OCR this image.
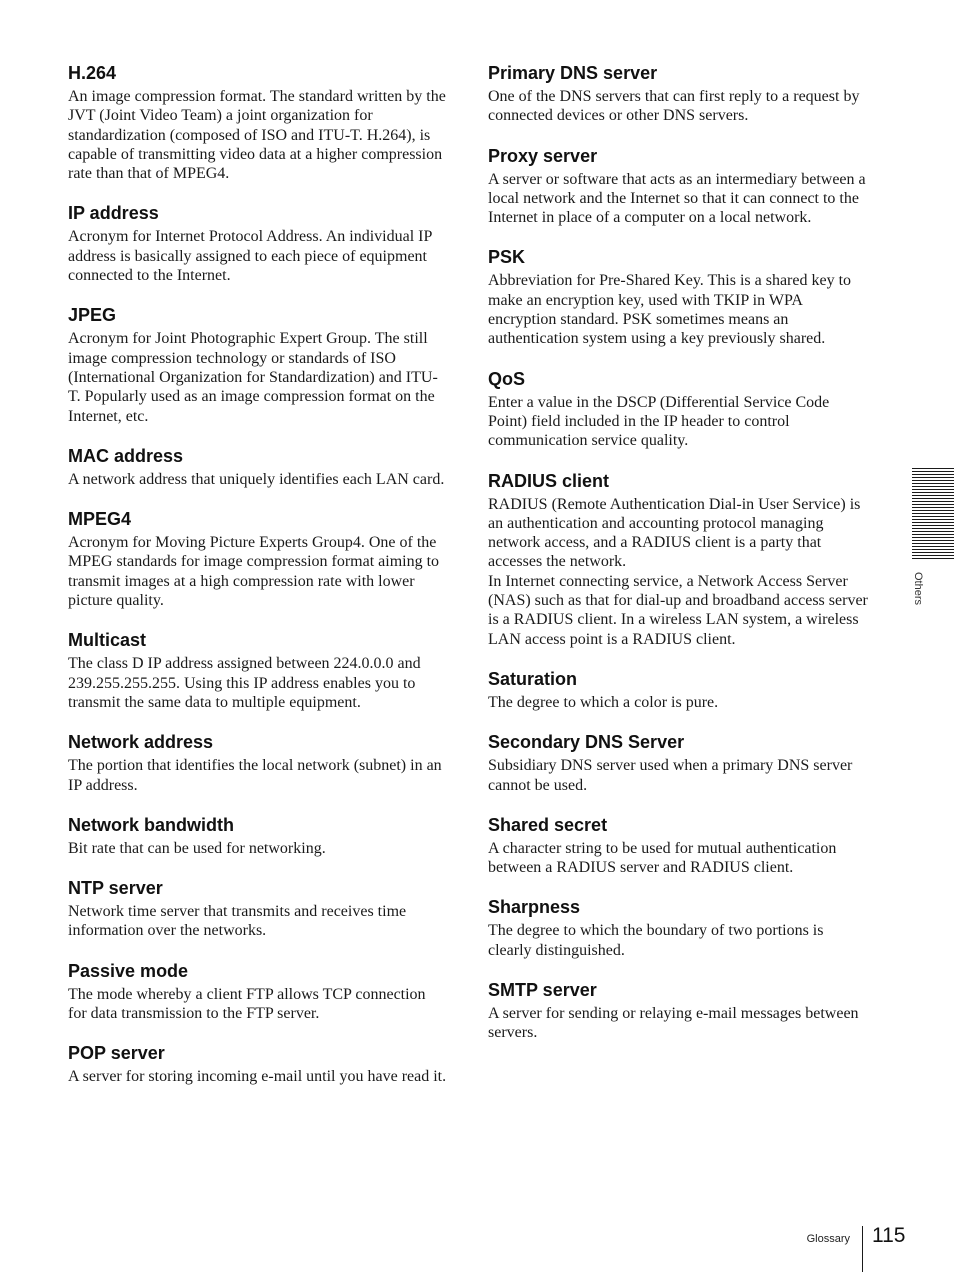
H.264

An image compression format. The standard written by the JVT (Joint Video Team) a joint organization for standardization (composed of ISO and ITU-T. H.264), is capable of transmitting video data at a higher compression rate than that of MPEG4.

IP address

Acronym for Internet Protocol Address. An individual IP address is basically assigned to each piece of equipment connected to the Internet.

JPEG

Acronym for Joint Photographic Expert Group. The still image compression technology or standards of ISO (International Organization for Standardization) and ITU-T. Popularly used as an image compression format on the Internet, etc.

MAC address

A network address that uniquely identifies each LAN card.

MPEG4

Acronym for Moving Picture Experts Group4. One of the MPEG standards for image compression format aiming to transmit images at a high compression rate with lower picture quality.

Multicast

The class D IP address assigned between 224.0.0.0 and 239.255.255.255. Using this IP address enables you to transmit the same data to multiple equipment.

Network address

The portion that identifies the local network (subnet) in an IP address.

Network bandwidth

Bit rate that can be used for networking.

NTP server

Network time server that transmits and receives time information over the networks.

Passive mode

The mode whereby a client FTP allows TCP connection for data transmission to the FTP server.

POP server

A server for storing incoming e-mail until you have read it.

Primary DNS server

One of the DNS servers that can first reply to a request by connected devices or other DNS servers.

Proxy server

A server or software that acts as an intermediary between a local network and the Internet so that it can connect to the Internet in place of a computer on a local network.

PSK

Abbreviation for Pre-Shared Key. This is a shared key to make an encryption key, used with TKIP in WPA encryption standard. PSK sometimes means an authentication system using a key previously shared.

QoS

Enter a value in the DSCP (Differential Service Code Point) field included in the IP header to control communication service quality.

RADIUS client

RADIUS (Remote Authentication Dial-in User Service) is an authentication and accounting protocol managing network access, and a RADIUS client is a party that accesses the network.

In Internet connecting service, a Network Access Server (NAS) such as that for dial-up and broadband access server is a RADIUS client. In a wireless LAN system, a wireless LAN access point is a RADIUS client.

Saturation

The degree to which a color is pure.

Secondary DNS Server

Subsidiary DNS server used when a primary DNS server cannot be used.

Shared secret

A character string to be used for mutual authentication between a RADIUS server and RADIUS client.

Sharpness

The degree to which the boundary of two portions is clearly distinguished.

SMTP server

A server for sending or relaying e-mail messages between servers.

Others
Glossary 115
